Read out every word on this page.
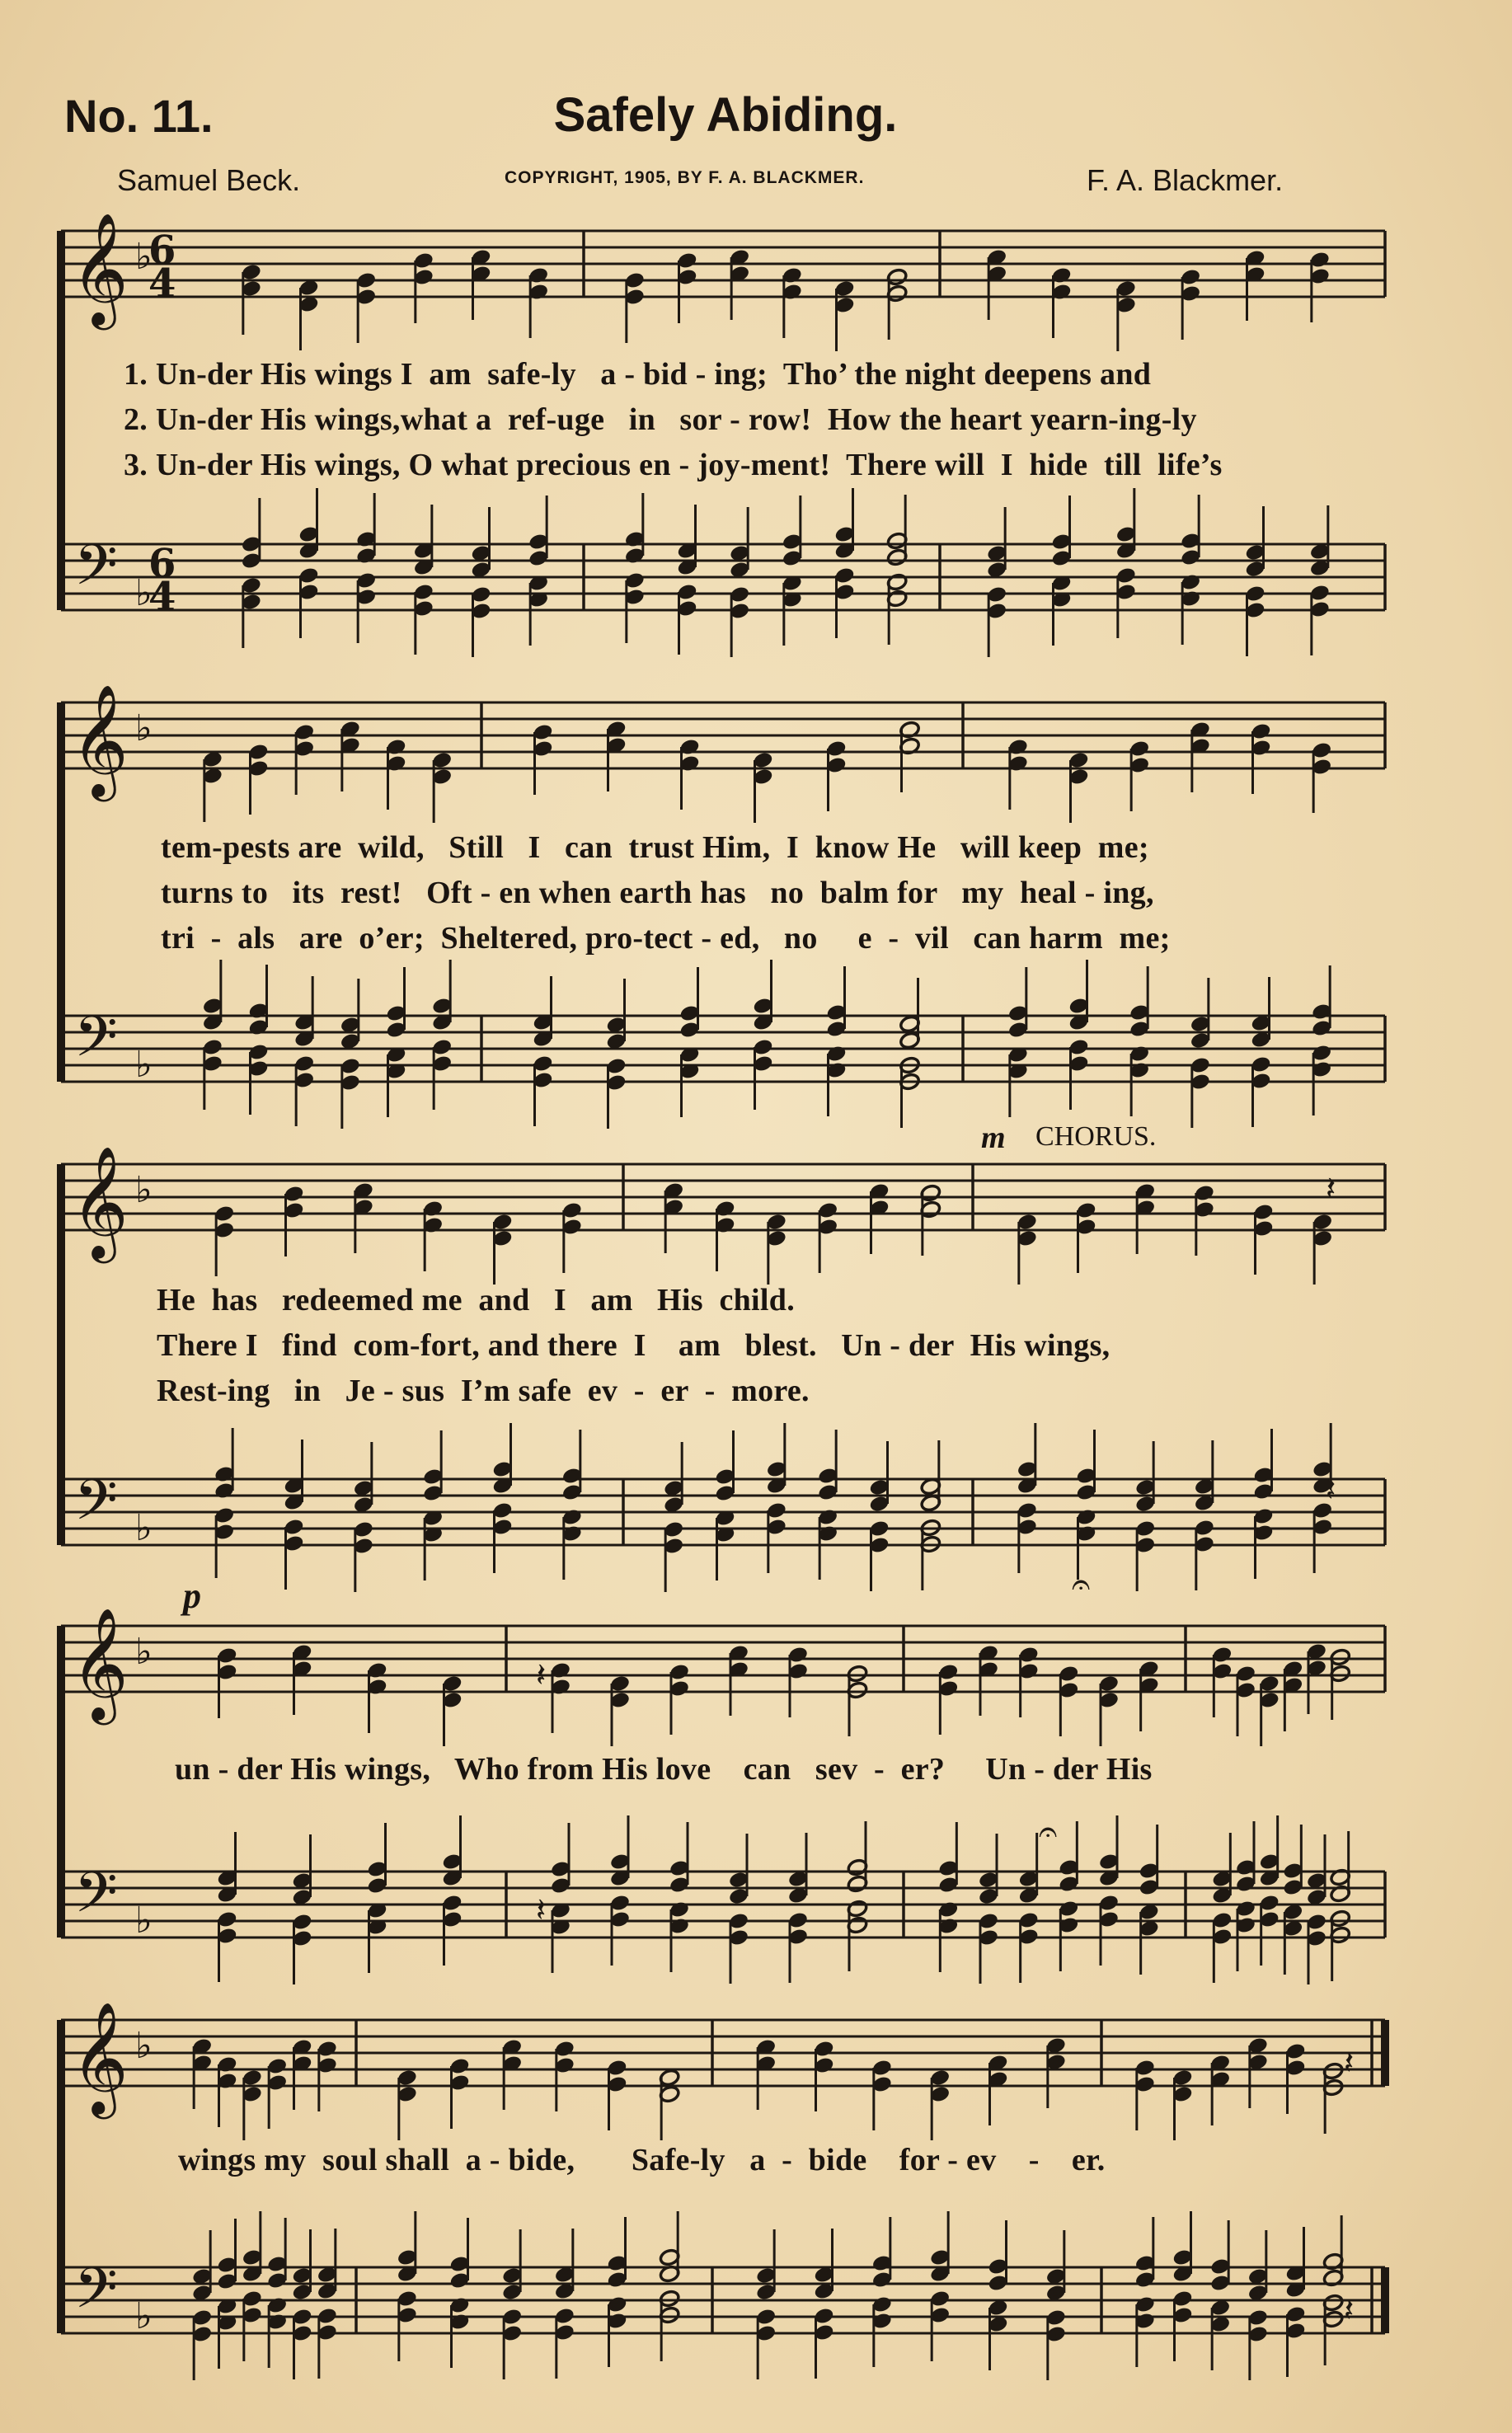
No. 11.	Safely Abiding.
Samuel Beck.	COPYRIGHT, 1905, BY F. A. BLACKMER.	F. A. Blackmer.
𝄞
𝄢
♭
♭
6
4
6
4
𝄞
𝄢
♭
♭
𝄞
𝄢
♭
♭
𝄞
𝄢
♭
♭
𝄞
𝄢
♭
♭
𝄽
𝄽
𝄽
𝄽
𝄽
𝄽
𝄐
𝄐
1. Un-der His wings I  am  safe-ly   a - bid - ing;  Tho’ the night deepens and
2. Un-der His wings,what a  ref-uge   in   sor - row!  How the heart yearn-ing-ly
3. Un-der His wings, O what precious en - joy-ment!  There will  I  hide  till  life’s
tem-pests are  wild,   Still   I   can  trust Him,  I  know He   will keep  me;
turns to   its  rest!   Oft - en when earth has   no  balm for   my  heal - ing,
tri  -  als   are  o’er;  Sheltered, pro-tect - ed,   no     e  -  vil   can harm  me;
He  has   redeemed me  and   I   am   His  child.
There I   find  com-fort, and there  I    am   blest.   Un - der  His wings,
Rest-ing   in   Je - sus  I’m safe  ev  -  er  -  more.
un - der His wings,   Who from His love    can   sev  -  er?     Un - der His
wings my  soul shall  a - bide,       Safe-ly   a  -  bide    for - ev    -    er.
m CHORUS.
p
